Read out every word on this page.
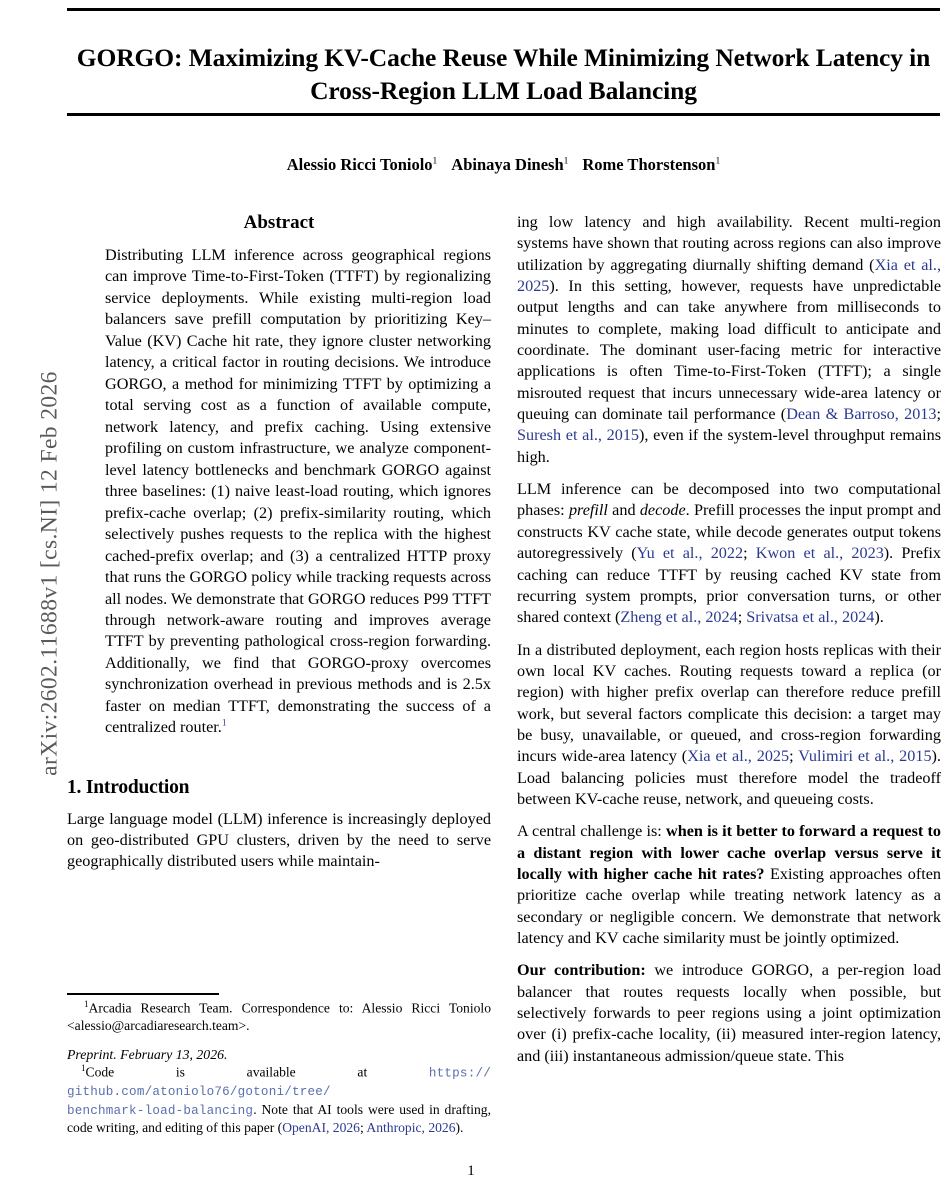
arXiv:2602.11688v1 [cs.NI] 12 Feb 2026
GORGO: Maximizing KV-Cache Reuse While Minimizing Network Latency in Cross-Region LLM Load Balancing
Alessio Ricci Toniolo$^1$ Abinaya Dinesh$^1$ Rome Thorstenson$^1$
Abstract

Distributing LLM inference across geographical regions can improve Time-to-First-Token (TTFT) by regionalizing service deployments. While existing multi-region load balancers save prefill computation by prioritizing Key–Value (KV) Cache hit rate, they ignore cluster networking latency, a critical factor in routing decisions. We introduce GORGO, a method for minimizing TTFT by optimizing a total serving cost as a function of available compute, network latency, and prefix caching. Using extensive profiling on custom infrastructure, we analyze component-level latency bottlenecks and benchmark GORGO against three baselines: (1) naive least-load routing, which ignores prefix-cache overlap; (2) prefix-similarity routing, which selectively pushes requests to the replica with the highest cached-prefix overlap; and (3) a centralized HTTP proxy that runs the GORGO policy while tracking requests across all nodes. We demonstrate that GORGO reduces P99 TTFT through network-aware routing and improves average TTFT by preventing pathological cross-region forwarding. Additionally, we find that GORGO-proxy overcomes synchronization overhead in previous methods and is 2.5x faster on median TTFT, demonstrating the success of a centralized router.$^1$

1. Introduction

Large language model (LLM) inference is increasingly deployed on geo-distributed GPU clusters, driven by the need to serve geographically distributed users while maintain-

$^1$Arcadia Research Team. Correspondence to: Alessio Ricci Toniolo <alessio@arcadiaresearch.team>.

Preprint. February 13, 2026.

$^1$Code	is	available	at	https://
github.com/atoniolo76/gotoni/tree/
benchmark-load-balancing. Note that AI tools were used in drafting, code writing, and editing of this paper (OpenAI, 2026; Anthropic, 2026).

ing low latency and high availability. Recent multi-region systems have shown that routing across regions can also improve utilization by aggregating diurnally shifting demand (Xia et al., 2025). In this setting, however, requests have unpredictable output lengths and can take anywhere from milliseconds to minutes to complete, making load difficult to anticipate and coordinate. The dominant user-facing metric for interactive applications is often Time-to-First-Token (TTFT); a single misrouted request that incurs unnecessary wide-area latency or queuing can dominate tail performance (Dean & Barroso, 2013; Suresh et al., 2015), even if the system-level throughput remains high.

LLM inference can be decomposed into two computational phases: prefill and decode. Prefill processes the input prompt and constructs KV cache state, while decode generates output tokens autoregressively (Yu et al., 2022; Kwon et al., 2023). Prefix caching can reduce TTFT by reusing cached KV state from recurring system prompts, prior conversation turns, or other shared context (Zheng et al., 2024; Srivatsa et al., 2024).

In a distributed deployment, each region hosts replicas with their own local KV caches. Routing requests toward a replica (or region) with higher prefix overlap can therefore reduce prefill work, but several factors complicate this decision: a target may be busy, unavailable, or queued, and cross-region forwarding incurs wide-area latency (Xia et al., 2025; Vulimiri et al., 2015). Load balancing policies must therefore model the tradeoff between KV-cache reuse, network, and queueing costs.

A central challenge is: when is it better to forward a request to a distant region with lower cache overlap versus serve it locally with higher cache hit rates? Existing approaches often prioritize cache overlap while treating network latency as a secondary or negligible concern. We demonstrate that network latency and KV cache similarity must be jointly optimized.

Our contribution: we introduce GORGO, a per-region load balancer that routes requests locally when possible, but selectively forwards to peer regions using a joint optimization over (i) prefix-cache locality, (ii) measured inter-region latency, and (iii) instantaneous admission/queue state. This

1
